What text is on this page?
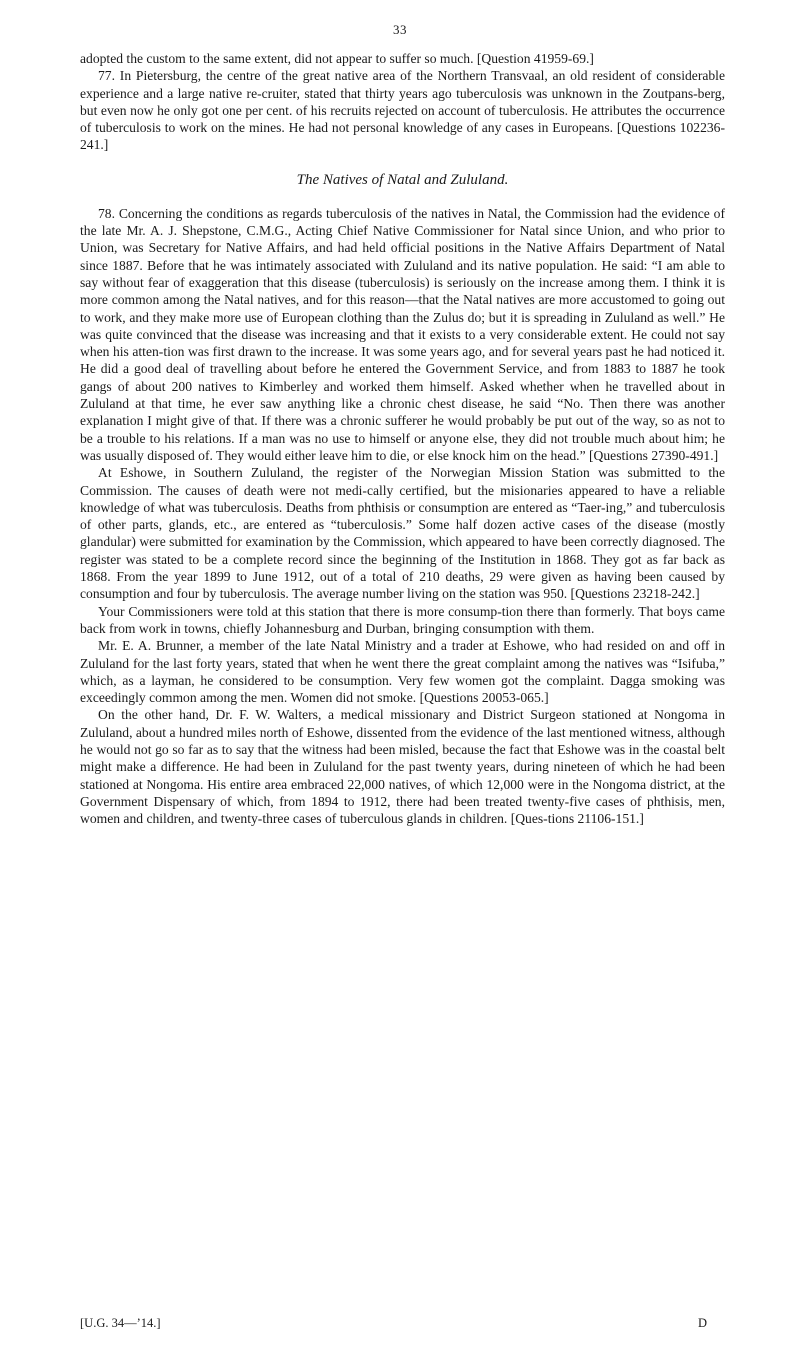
33

adopted the custom to the same extent, did not appear to suffer so much. [Question 41959-69.]

77. In Pietersburg, the centre of the great native area of the Northern Transvaal, an old resident of considerable experience and a large native re-cruiter, stated that thirty years ago tuberculosis was unknown in the Zoutpans-berg, but even now he only got one per cent. of his recruits rejected on account of tuberculosis. He attributes the occurrence of tuberculosis to work on the mines. He had not personal knowledge of any cases in Europeans. [Questions 102236-241.]

The Natives of Natal and Zululand.

78. Concerning the conditions as regards tuberculosis of the natives in Natal, the Commission had the evidence of the late Mr. A. J. Shepstone, C.M.G., Acting Chief Native Commissioner for Natal since Union, and who prior to Union, was Secretary for Native Affairs, and had held official positions in the Native Affairs Department of Natal since 1887. Before that he was intimately associated with Zululand and its native population. He said: “I am able to say without fear of exaggeration that this disease (tuberculosis) is seriously on the increase among them. I think it is more common among the Natal natives, and for this reason—that the Natal natives are more accustomed to going out to work, and they make more use of European clothing than the Zulus do; but it is spreading in Zululand as well.” He was quite convinced that the disease was increasing and that it exists to a very considerable extent. He could not say when his atten-tion was first drawn to the increase. It was some years ago, and for several years past he had noticed it. He did a good deal of travelling about before he entered the Government Service, and from 1883 to 1887 he took gangs of about 200 natives to Kimberley and worked them himself. Asked whether when he travelled about in Zululand at that time, he ever saw anything like a chronic chest disease, he said “No. Then there was another explanation I might give of that. If there was a chronic sufferer he would probably be put out of the way, so as not to be a trouble to his relations. If a man was no use to himself or anyone else, they did not trouble much about him; he was usually disposed of. They would either leave him to die, or else knock him on the head.” [Questions 27390-491.]

At Eshowe, in Southern Zululand, the register of the Norwegian Mission Station was submitted to the Commission. The causes of death were not medi-cally certified, but the misionaries appeared to have a reliable knowledge of what was tuberculosis. Deaths from phthisis or consumption are entered as “Taer-ing,” and tuberculosis of other parts, glands, etc., are entered as “tuberculosis.” Some half dozen active cases of the disease (mostly glandular) were submitted for examination by the Commission, which appeared to have been correctly diagnosed. The register was stated to be a complete record since the beginning of the Institution in 1868. They got as far back as 1868. From the year 1899 to June 1912, out of a total of 210 deaths, 29 were given as having been caused by consumption and four by tuberculosis. The average number living on the station was 950. [Questions 23218-242.]

Your Commissioners were told at this station that there is more consump-tion there than formerly. That boys came back from work in towns, chiefly Johannesburg and Durban, bringing consumption with them.

Mr. E. A. Brunner, a member of the late Natal Ministry and a trader at Eshowe, who had resided on and off in Zululand for the last forty years, stated that when he went there the great complaint among the natives was “Isifuba,” which, as a layman, he considered to be consumption. Very few women got the complaint. Dagga smoking was exceedingly common among the men. Women did not smoke. [Questions 20053-065.]

On the other hand, Dr. F. W. Walters, a medical missionary and District Surgeon stationed at Nongoma in Zululand, about a hundred miles north of Eshowe, dissented from the evidence of the last mentioned witness, although he would not go so far as to say that the witness had been misled, because the fact that Eshowe was in the coastal belt might make a difference. He had been in Zululand for the past twenty years, during nineteen of which he had been stationed at Nongoma. His entire area embraced 22,000 natives, of which 12,000 were in the Nongoma district, at the Government Dispensary of which, from 1894 to 1912, there had been treated twenty-five cases of phthisis, men, women and children, and twenty-three cases of tuberculous glands in children. [Ques-tions 21106-151.]

[U.G. 34—’14.]	D
